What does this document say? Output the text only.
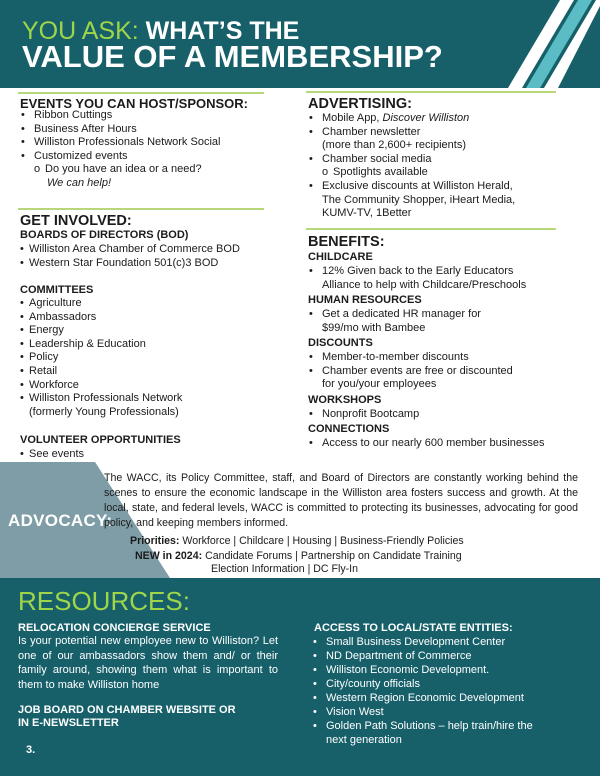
YOU ASK: WHAT’S THE
VALUE OF A MEMBERSHIP?
EVENTS YOU CAN HOST/SPONSOR:
• Ribbon Cuttings
• Business After Hours
• Williston Professionals Network Social
• Customized events
o Do you have an idea or a need?
We can help!
GET INVOLVED:
BOARDS OF DIRECTORS (BOD)
• Williston Area Chamber of Commerce BOD
• Western Star Foundation 501(c)3 BOD
COMMITTEES
• Agriculture
• Ambassadors
• Energy
• Leadership & Education
• Policy
• Retail
• Workforce
• Williston Professionals Network
(formerly Young Professionals)
VOLUNTEER OPPORTUNITIES
• See events
ADVERTISING:
• Mobile App, Discover Williston
• Chamber newsletter
(more than 2,600+ recipients)
• Chamber social media
o Spotlights available
• Exclusive discounts at Williston Herald,
The Community Shopper, iHeart Media,
KUMV-TV, 1Better
BENEFITS:
CHILDCARE
• 12% Given back to the Early Educators
Alliance to help with Childcare/Preschools
HUMAN RESOURCES
• Get a dedicated HR manager for
$99/mo with Bambee
DISCOUNTS
• Member-to-member discounts
• Chamber events are free or discounted
for you/your employees
WORKSHOPS
• Nonprofit Bootcamp
CONNECTIONS
• Access to our nearly 600 member businesses
ADVOCACY:
The WACC, its Policy Committee, staff, and Board of Directors are constantly working behind the scenes to ensure the economic landscape in the Williston area fosters success and growth. At the local, state, and federal levels, WACC is committed to protecting its businesses, advocating for good policy, and keeping members informed.
Priorities: Workforce | Childcare | Housing | Business-Friendly Policies
NEW in 2024: Candidate Forums | Partnership on Candidate Training
Election Information | DC Fly-In
RESOURCES:
RELOCATION CONCIERGE SERVICE
Is your potential new employee new to Williston? Let one of our ambassadors show them and/ or their family around, showing them what is important to them to make Williston home
JOB BOARD ON CHAMBER WEBSITE OR
IN E-NEWSLETTER
ACCESS TO LOCAL/STATE ENTITIES:
• Small Business Development Center
• ND Department of Commerce
• Williston Economic Development.
• City/county officials
• Western Region Economic Development
• Vision West
• Golden Path Solutions – help train/hire the
next generation
3.
